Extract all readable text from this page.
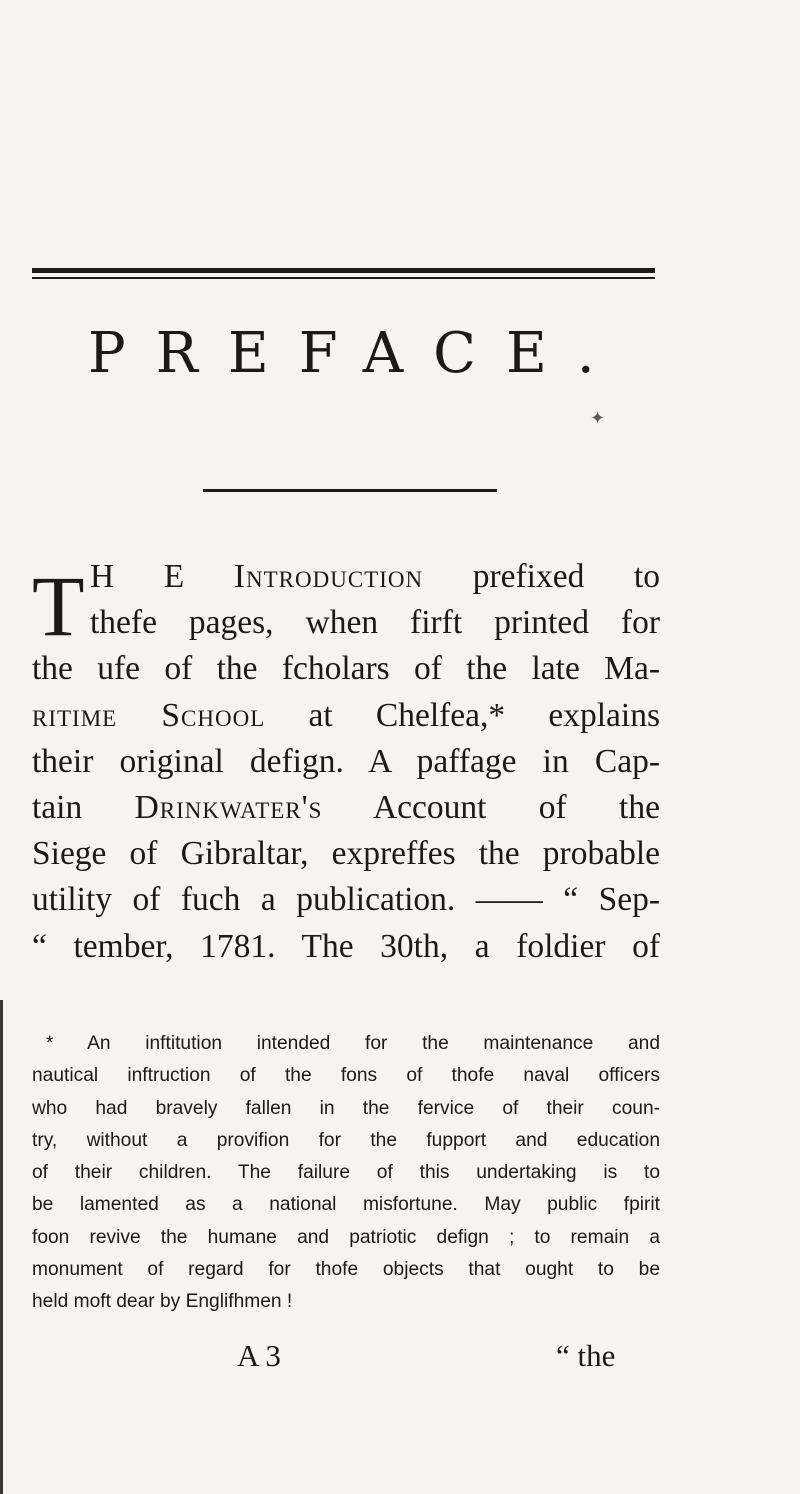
PREFACE.
✦
T H E Introduction prefixed to
thefe pages, when firft printed for
the ufe of the fcholars of the late Ma-
ritime School at Chelfea,* explains
their original defign. A paffage in Cap-
tain Drinkwater's Account of the
Siege of Gibraltar, expreffes the probable
utility of fuch a publication. —— “ Sep-
“ tember, 1781. The 30th, a foldier of
* An inftitution intended for the maintenance and
nautical inftruction of the fons of thofe naval officers
who had bravely fallen in the fervice of their coun-
try, without a provifion for the fupport and education
of their children. The failure of this undertaking is to
be lamented as a national misfortune. May public fpirit
foon revive the humane and patriotic defign ; to remain a
monument of regard for thofe objects that ought to be
held moft dear by Englifhmen !
A 3	“ the
